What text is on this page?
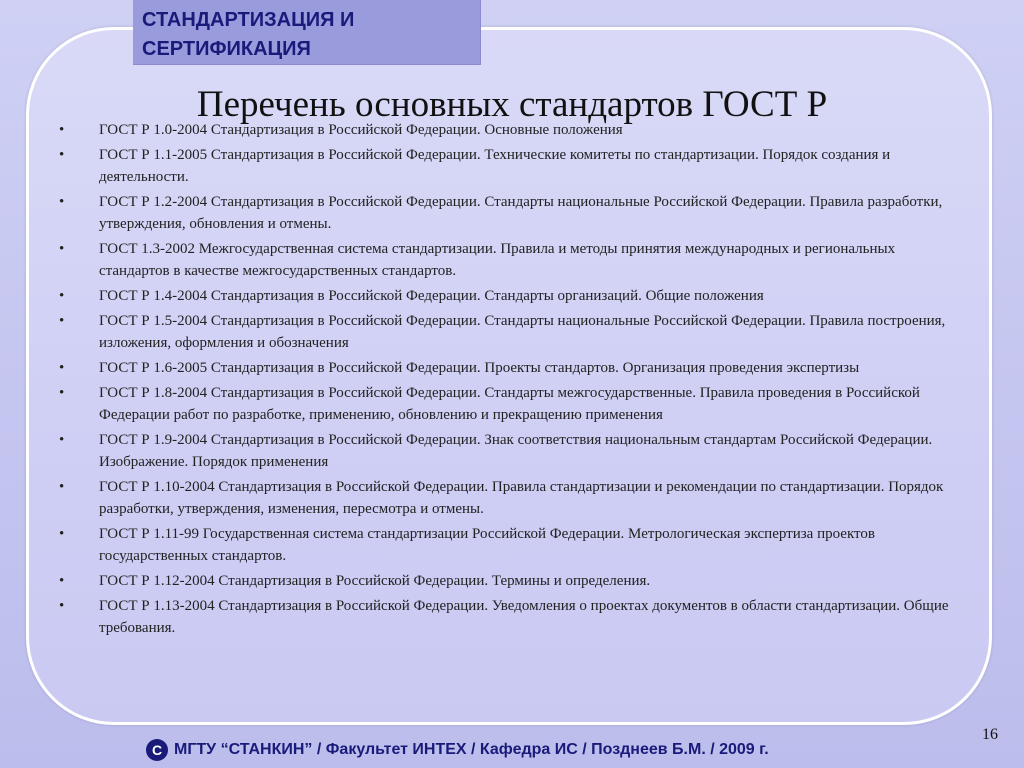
СТАНДАРТИЗАЦИЯ И СЕРТИФИКАЦИЯ
Перечень основных стандартов ГОСТ Р
• ГОСТ Р 1.0-2004 Стандартизация в Российской Федерации. Основные положения
• ГОСТ Р 1.1-2005 Стандартизация в Российской Федерации. Технические комитеты по стандартизации. Порядок создания и деятельности.
• ГОСТ Р 1.2-2004 Стандартизация в Российской Федерации. Стандарты национальные Российской Федерации. Правила разработки, утверждения, обновления и отмены.
• ГОСТ 1.3-2002 Межгосударственная система стандартизации. Правила и методы принятия международных и региональных стандартов в качестве межгосударственных стандартов.
• ГОСТ Р 1.4-2004 Стандартизация в Российской Федерации. Стандарты организаций. Общие положения
• ГОСТ Р 1.5-2004 Стандартизация в Российской Федерации. Стандарты национальные Российской Федерации. Правила построения, изложения, оформления и обозначения
• ГОСТ Р 1.6-2005 Стандартизация в Российской Федерации. Проекты стандартов. Организация проведения экспертизы
• ГОСТ Р 1.8-2004 Стандартизация в Российской Федерации. Стандарты межгосударственные. Правила проведения в Российской Федерации работ по разработке, применению, обновлению и прекращению применения
• ГОСТ Р 1.9-2004 Стандартизация в Российской Федерации. Знак соответствия национальным стандартам Российской Федерации. Изображение. Порядок применения
• ГОСТ Р 1.10-2004 Стандартизация в Российской Федерации. Правила стандартизации и рекомендации по стандартизации. Порядок разработки, утверждения, изменения, пересмотра и отмены.
• ГОСТ Р 1.11-99 Государственная система стандартизации Российской Федерации. Метрологическая экспертиза проектов государственных стандартов.
• ГОСТ Р 1.12-2004 Стандартизация в Российской Федерации. Термины и определения.
• ГОСТ Р 1.13-2004 Стандартизация в Российской Федерации. Уведомления о проектах документов в области стандартизации. Общие требования.
16
С МГТУ “СТАНКИН” / Факультет ИНТЕХ / Кафедра ИС / Позднеев Б.М. / 2009 г.
